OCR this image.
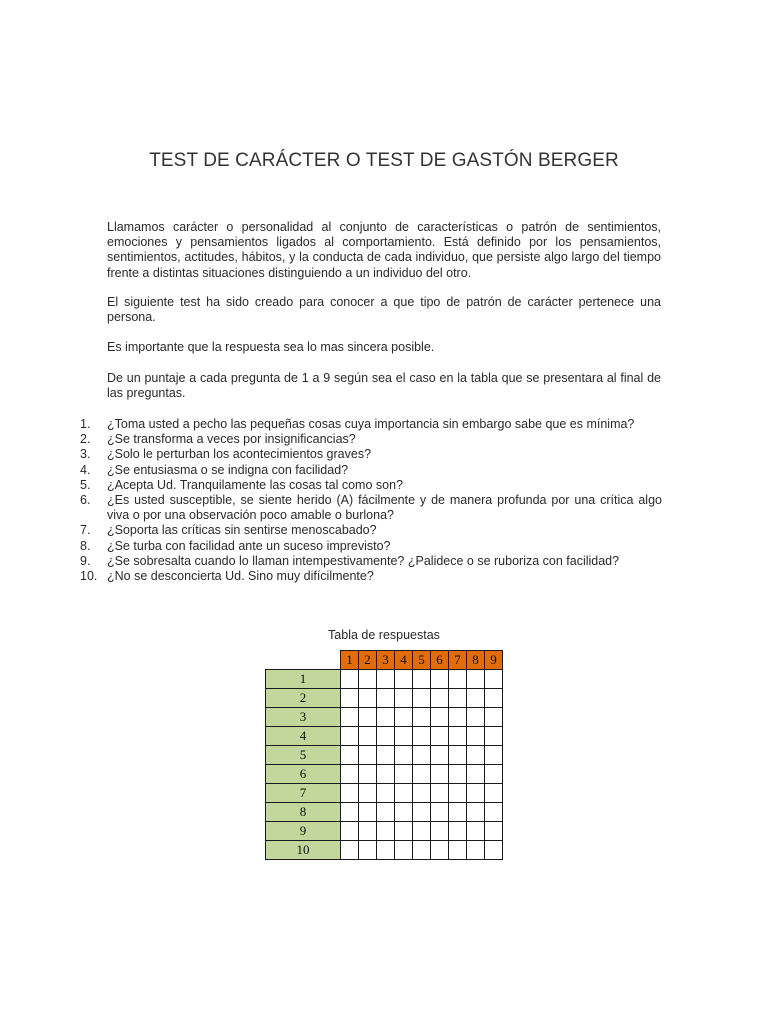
TEST DE CARÁCTER O TEST DE GASTÓN BERGER
Llamamos carácter o personalidad al conjunto de características o patrón de sentimientos, emociones y pensamientos ligados al comportamiento. Está definido por los pensamientos, sentimientos, actitudes, hábitos, y la conducta de cada individuo, que persiste algo largo del tiempo frente a distintas situaciones distinguiendo a un individuo del otro.
El siguiente test ha sido creado para conocer a que tipo de patrón de carácter pertenece una persona.
Es importante que la respuesta sea lo mas sincera posible.
De un puntaje a cada pregunta de 1 a 9 según sea el caso en la tabla que se presentara al final de las preguntas.
1.	¿Toma usted a pecho las pequeñas cosas cuya importancia sin embargo sabe que es mínima?
2.	¿Se transforma a veces por insignificancias?
3.	¿Solo le perturban los acontecimientos graves?
4.	¿Se entusiasma o se indigna con facilidad?
5.	¿Acepta Ud. Tranquilamente las cosas tal como son?
6.	¿Es usted susceptible, se siente herido (A) fácilmente y de manera profunda por una crítica algo viva o por una observación poco amable o burlona?
7.	¿Soporta las críticas sin sentirse menoscabado?
8.	¿Se turba con facilidad ante un suceso imprevisto?
9.	¿Se sobresalta cuando lo llaman intempestivamente? ¿Palidece o se ruboriza con facilidad?
10. ¿No se desconcierta Ud. Sino muy difícilmente?
Tabla de respuestas
	1	2	3	4	5	6	7	8	9
1									
2									
3									
4									
5									
6									
7									
8									
9									
10									
